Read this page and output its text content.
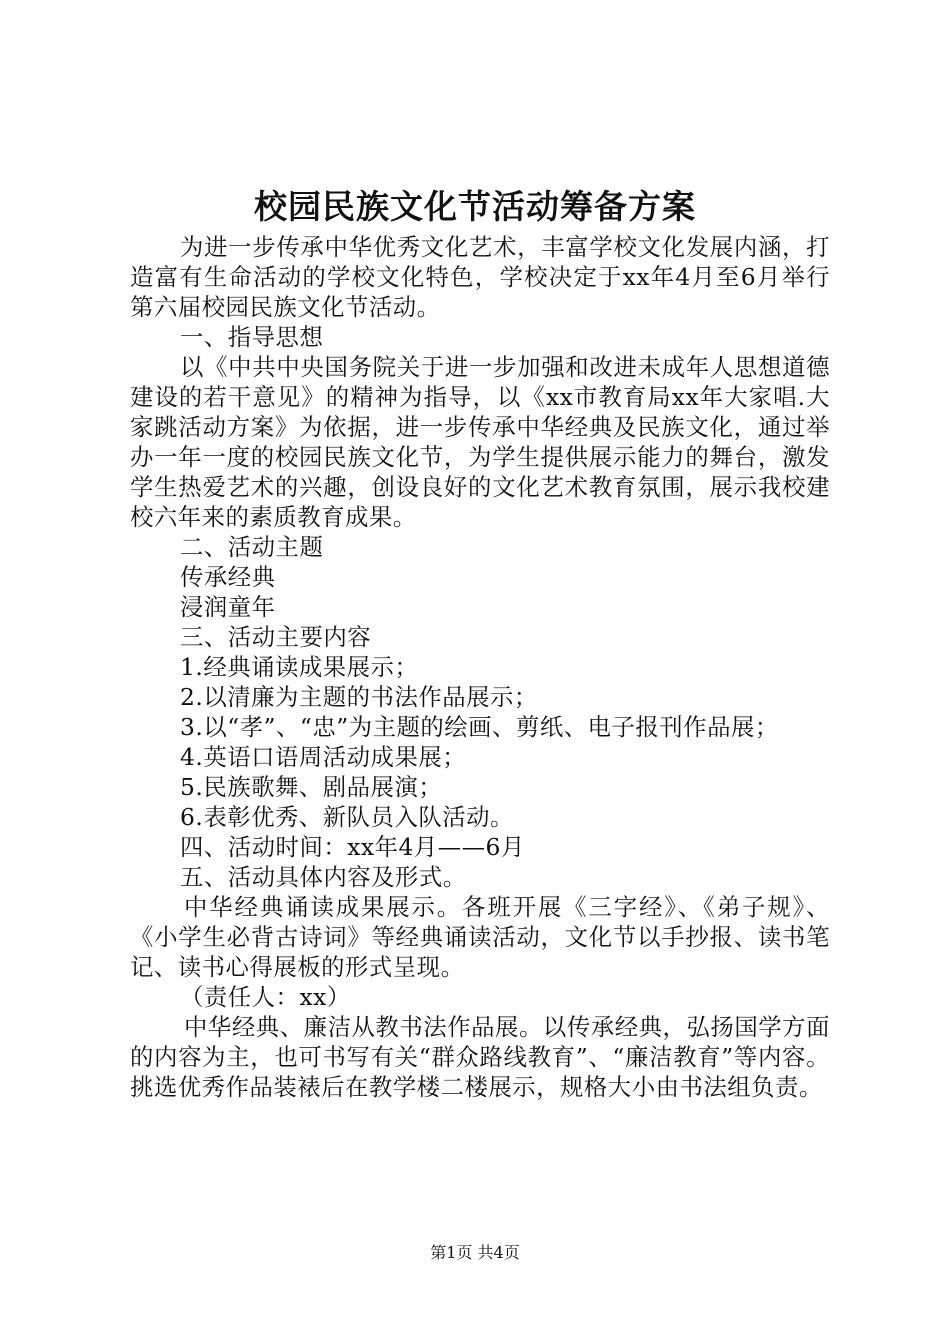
校园民族文化节活动筹备方案

为进一步传承中华优秀文化艺术，丰富学校文化发展内涵，打造富有生命活动的学校文化特色，学校决定于xx年4月至6月举行第六届校园民族文化节活动。

一、指导思想

以《中共中央国务院关于进一步加强和改进未成年人思想道德建设的若干意见》的精神为指导，以《xx市教育局xx年大家唱.大家跳活动方案》为依据，进一步传承中华经典及民族文化，通过举办一年一度的校园民族文化节，为学生提供展示能力的舞台，激发学生热爱艺术的兴趣，创设良好的文化艺术教育氛围，展示我校建校六年来的素质教育成果。

二、活动主题

传承经典

浸润童年

三、活动主要内容

1.经典诵读成果展示；

2.以清廉为主题的书法作品展示；

3.以“孝”、“忠”为主题的绘画、剪纸、电子报刊作品展；

4.英语口语周活动成果展；

5.民族歌舞、剧品展演；

6.表彰优秀、新队员入队活动。

四、活动时间：xx年4月——6月

五、活动具体内容及形式。

中华经典诵读成果展示。各班开展《三字经》、《弟子规》、《小学生必背古诗词》等经典诵读活动，文化节以手抄报、读书笔记、读书心得展板的形式呈现。

（责任人：xx）

中华经典、廉洁从教书法作品展。以传承经典，弘扬国学方面的内容为主，也可书写有关“群众路线教育”、“廉洁教育”等内容。挑选优秀作品装裱后在教学楼二楼展示，规格大小由书法组负责。

第1页 共4页
